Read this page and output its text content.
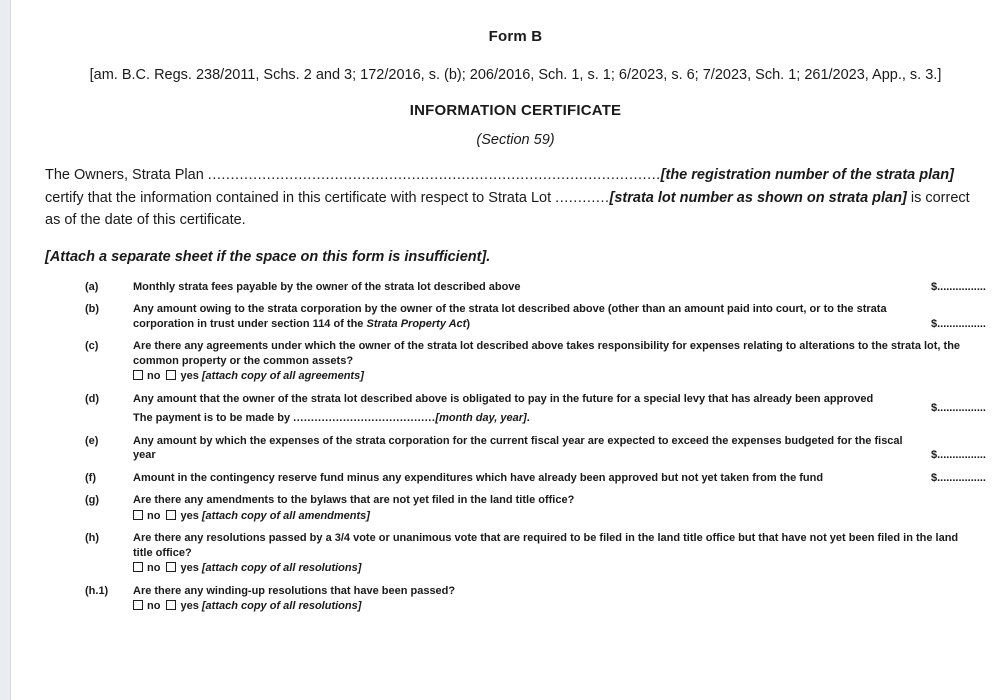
Form B
[am. B.C. Regs. 238/2011, Schs. 2 and 3; 172/2016, s. (b); 206/2016, Sch. 1, s. 1; 6/2023, s. 6; 7/2023, Sch. 1; 261/2023, App., s. 3.]
INFORMATION CERTIFICATE
(Section 59)
The Owners, Strata Plan ....................................................................................................[the registration number of the strata plan]
certify that the information contained in this certificate with respect to Strata Lot ............[strata lot number as shown on strata plan] is correct as of the date of this certificate.
[Attach a separate sheet if the space on this form is insufficient].
(a)	Monthly strata fees payable by the owner of the strata lot described above	$................
(b)	Any amount owing to the strata corporation by the owner of the strata lot described above (other than an amount paid into court, or to the strata corporation in trust under section 114 of the Strata Property Act)	$................
(c)	Are there any agreements under which the owner of the strata lot described above takes responsibility for expenses relating to alterations to the strata lot, the common property or the common assets?
no yes [attach copy of all agreements]
(d)	Any amount that the owner of the strata lot described above is obligated to pay in the future for a special levy that has already been approved
The payment is to be made by ........................................[month day, year].
$................
(e)	Any amount by which the expenses of the strata corporation for the current fiscal year are expected to exceed the expenses budgeted for the fiscal year	$................
(f)	Amount in the contingency reserve fund minus any expenditures which have already been approved but not yet taken from the fund	$................
(g)	Are there any amendments to the bylaws that are not yet filed in the land title office?
no yes [attach copy of all amendments]
(h)	Are there any resolutions passed by a 3/4 vote or unanimous vote that are required to be filed in the land title office but that have not yet been filed in the land title office?
no yes [attach copy of all resolutions]
(h.1)	Are there any winding-up resolutions that have been passed?
no yes [attach copy of all resolutions]
